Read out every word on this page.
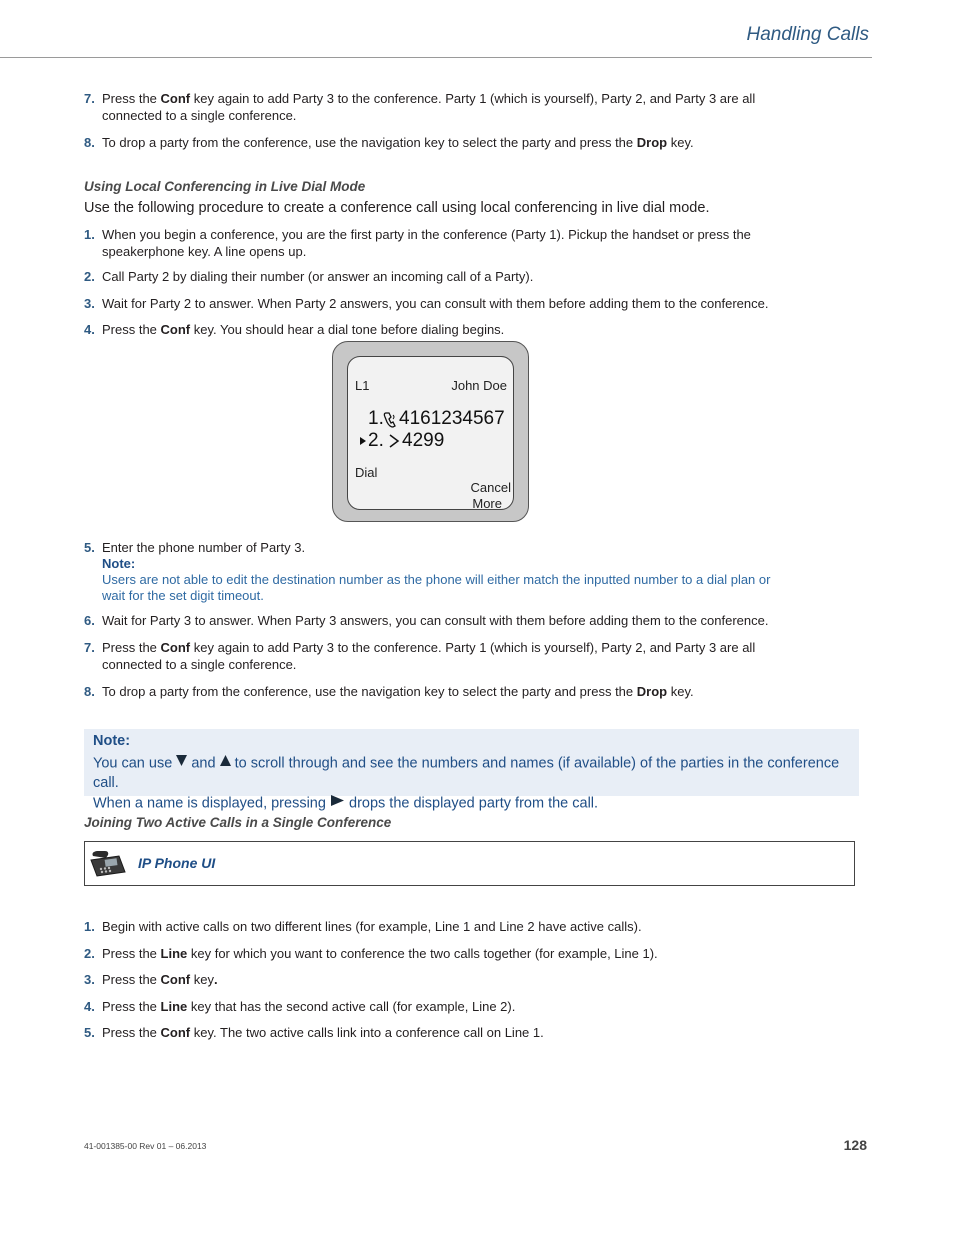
Handling Calls
7. Press the Conf key again to add Party 3 to the conference. Party 1 (which is yourself), Party 2, and Party 3 are all connected to a single conference.
8. To drop a party from the conference, use the navigation key to select the party and press the Drop key.
Using Local Conferencing in Live Dial Mode
Use the following procedure to create a conference call using local conferencing in live dial mode.
1. When you begin a conference, you are the first party in the conference (Party 1). Pickup the handset or press the speakerphone key. A line opens up.
2. Call Party 2 by dialing their number (or answer an incoming call of a Party).
3. Wait for Party 2 to answer. When Party 2 answers, you can consult with them before adding them to the conference.
4. Press the Conf key. You should hear a dial tone before dialing begins.
L1	John Doe
1. 4161234567
2. 4299
Dial
Cancel
More
5. Enter the phone number of Party 3.
Note:
Users are not able to edit the destination number as the phone will either match the inputted number to a dial plan or wait for the set digit timeout.
6. Wait for Party 3 to answer. When Party 3 answers, you can consult with them before adding them to the conference.
7. Press the Conf key again to add Party 3 to the conference. Party 1 (which is yourself), Party 2, and Party 3 are all connected to a single conference.
8. To drop a party from the conference, use the navigation key to select the party and press the Drop key.
Note:
You can use and to scroll through and see the numbers and names (if available) of the parties in the conference call.
When a name is displayed, pressing drops the displayed party from the call.
Joining Two Active Calls in a Single Conference
IP Phone UI
1. Begin with active calls on two different lines (for example, Line 1 and Line 2 have active calls).
2. Press the Line key for which you want to conference the two calls together (for example, Line 1).
3. Press the Conf key.
4. Press the Line key that has the second active call (for example, Line 2).
5. Press the Conf key. The two active calls link into a conference call on Line 1.
41-001385-00 Rev 01 – 06.2013	128
